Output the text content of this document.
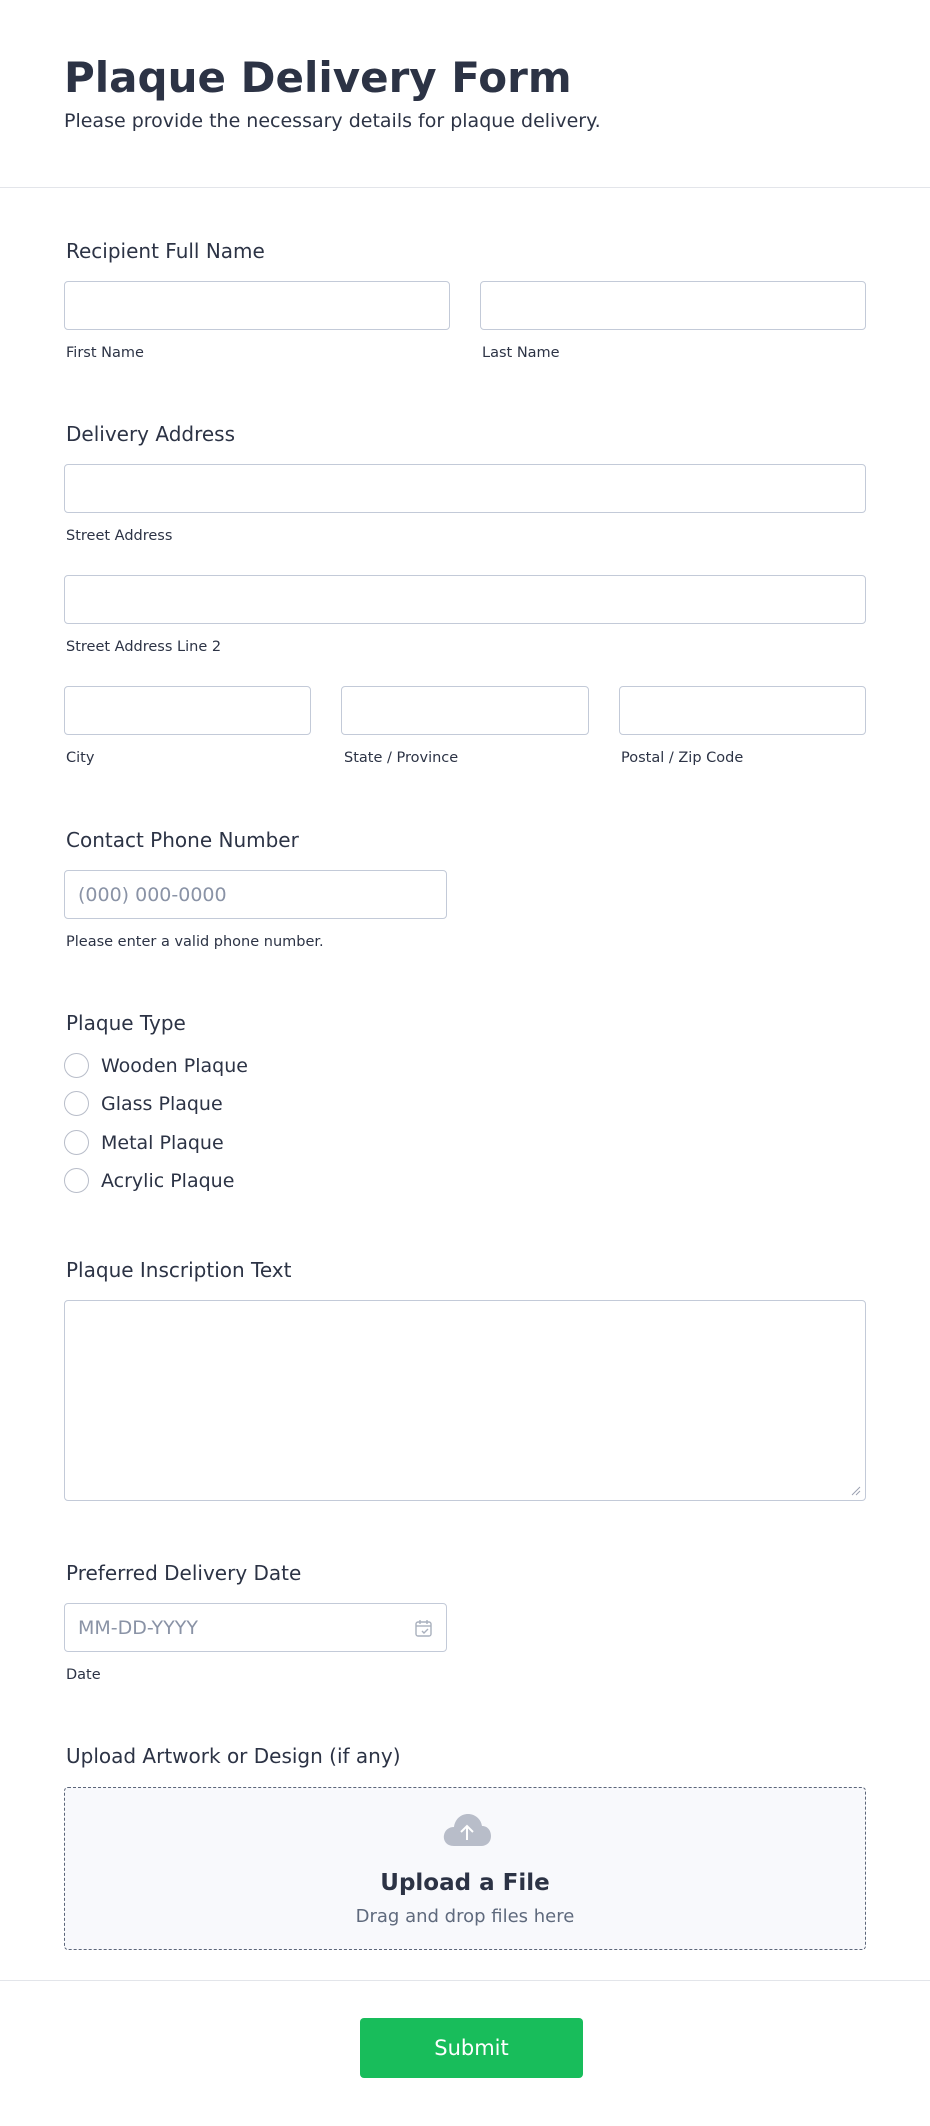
Plaque Delivery Form
Please provide the necessary details for plaque delivery.
Recipient Full Name
First Name	Last Name
Delivery Address
Street Address
Street Address Line 2
City	State / Province	Postal / Zip Code
Contact Phone Number
(000) 000-0000
Please enter a valid phone number.
Plaque Type
Wooden Plaque
Glass Plaque
Metal Plaque
Acrylic Plaque
Plaque Inscription Text
Preferred Delivery Date
MM-DD-YYYY
Date
Upload Artwork or Design (if any)
Upload a File
Drag and drop files here
Submit
